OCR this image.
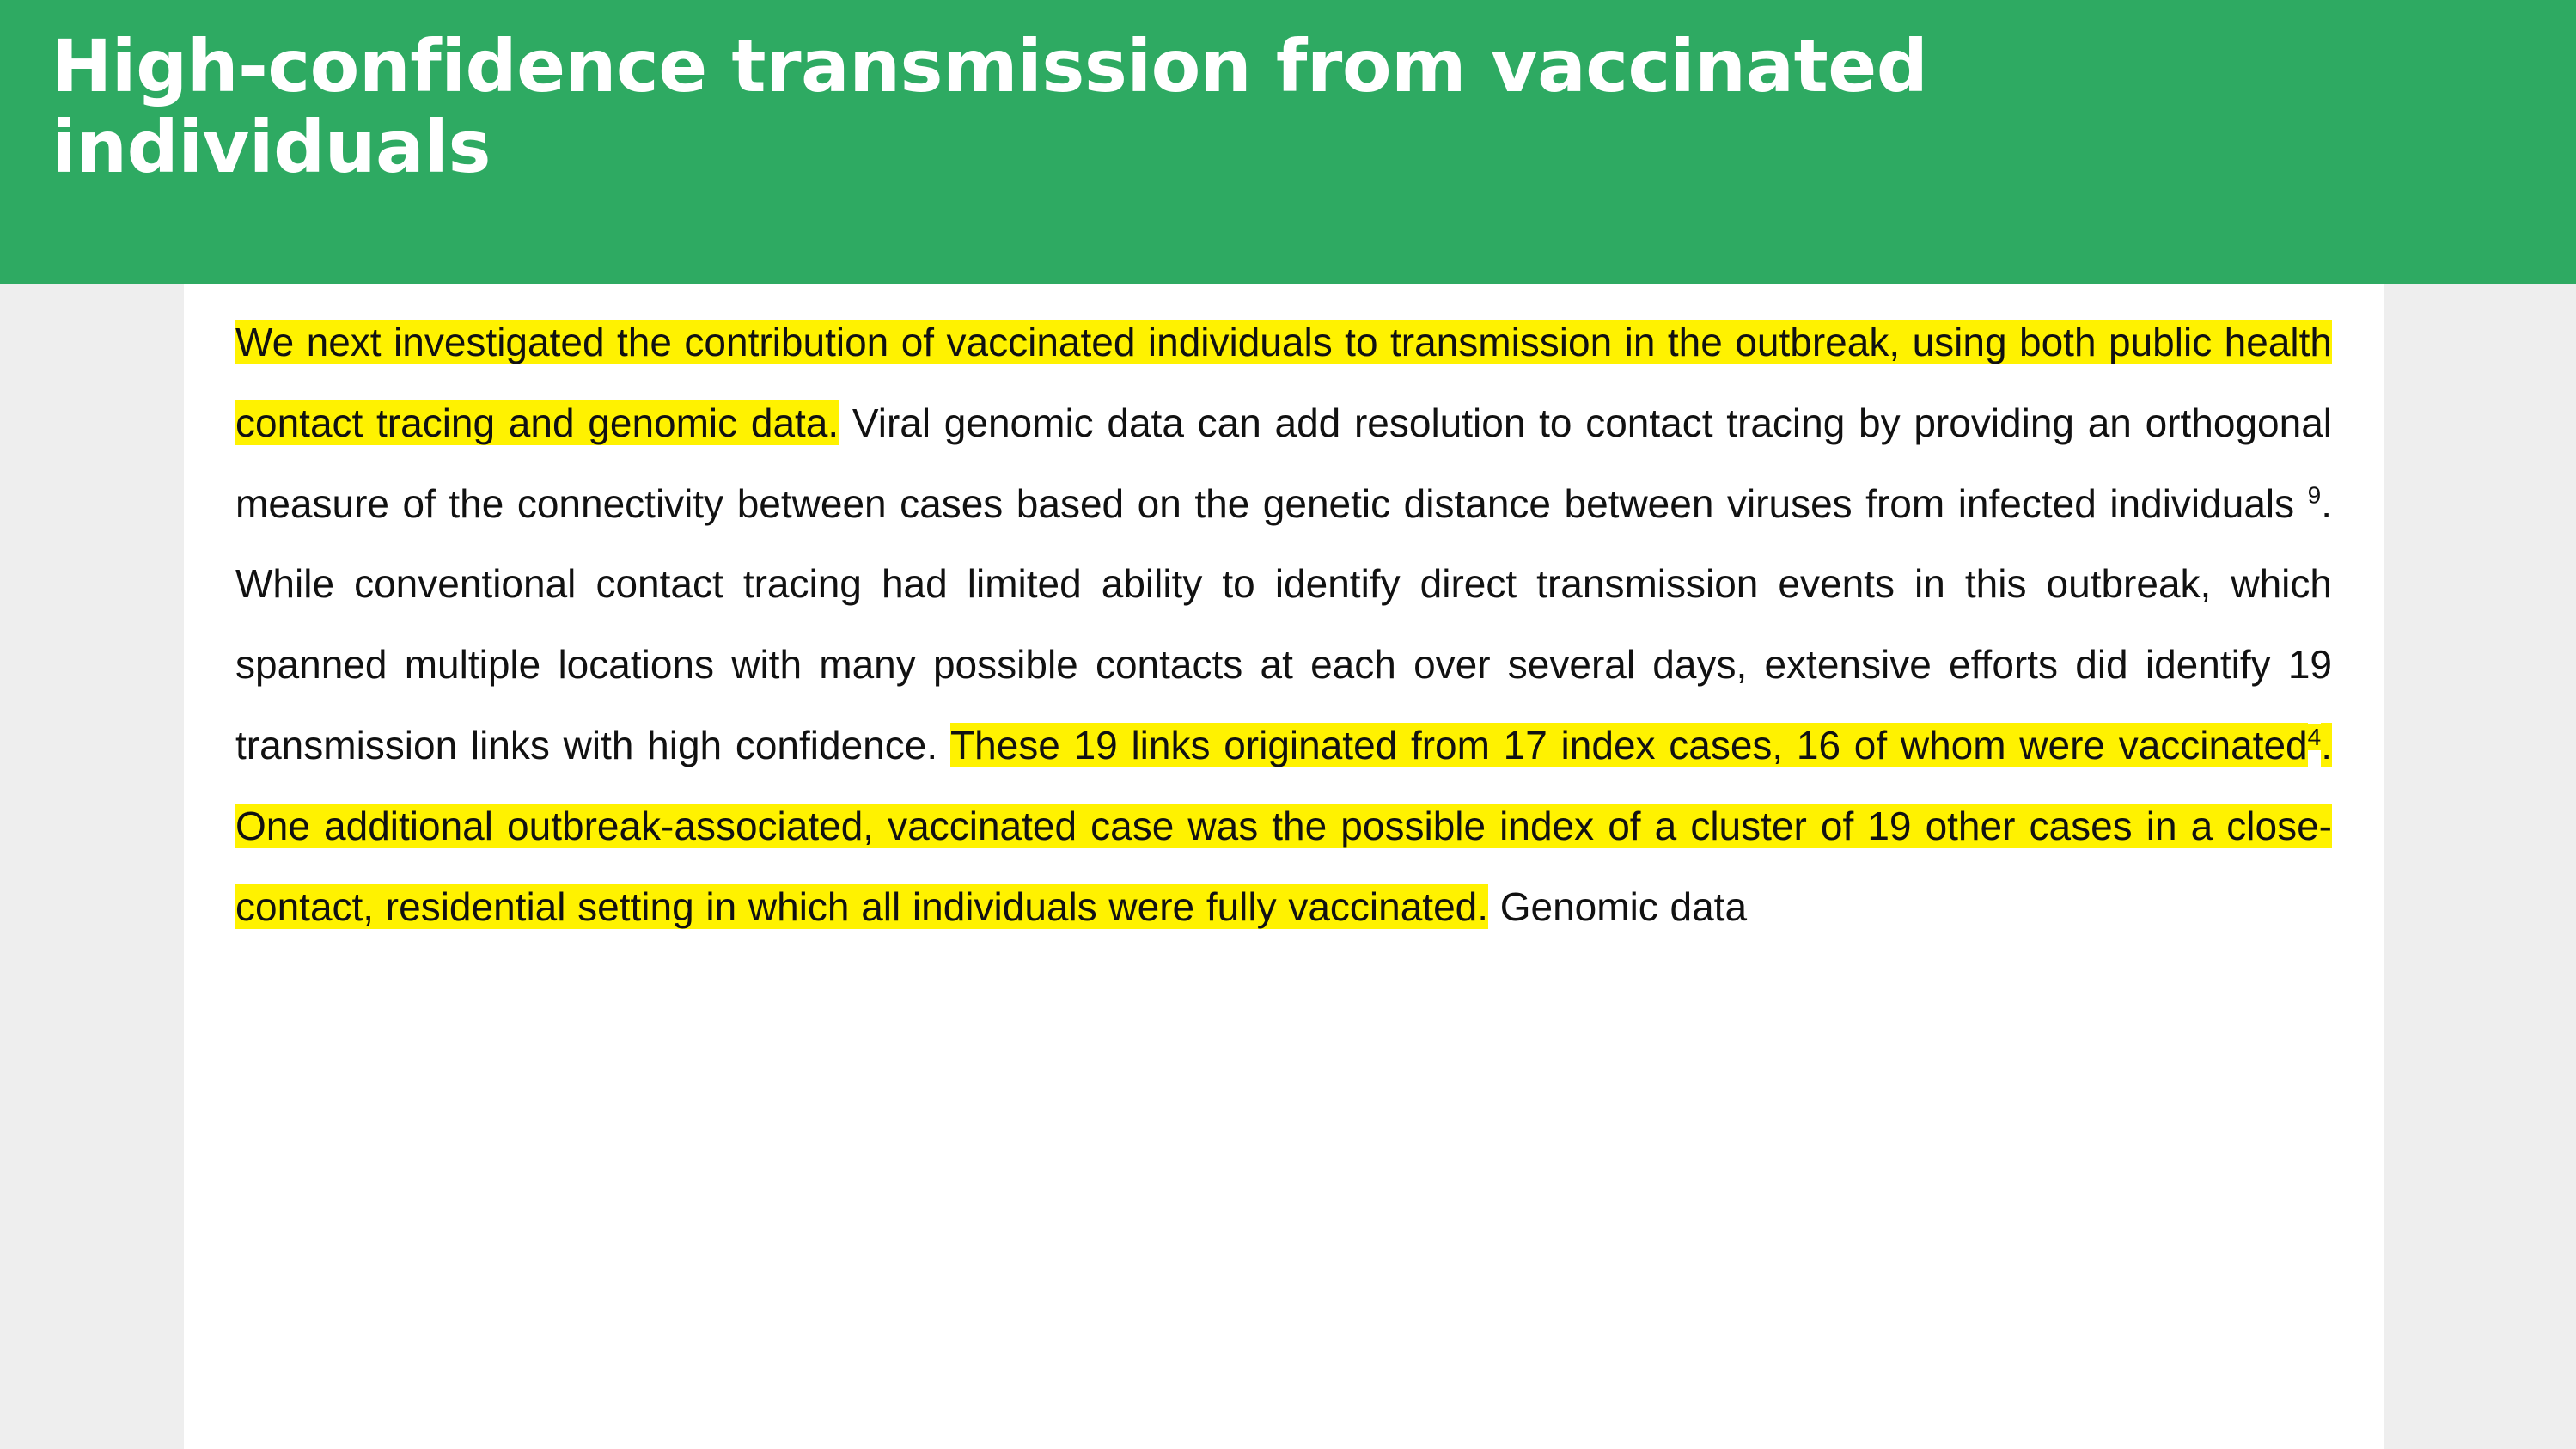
High-confidence transmission from vaccinated individuals

We next investigated the contribution of vaccinated individuals to transmission in the outbreak, using both public health contact tracing and genomic data. Viral genomic data can add resolution to contact tracing by providing an orthogonal measure of the connectivity between cases based on the genetic distance between viruses from infected individuals $^9$. While conventional contact tracing had limited ability to identify direct transmission events in this outbreak, which spanned multiple locations with many possible contacts at each over several days, extensive efforts did identify 19 transmission links with high confidence. These 19 links originated from 17 index cases, 16 of whom were vaccinated$^4$. One additional outbreak-associated, vaccinated case was the possible index of a cluster of 19 other cases in a close-contact, residential setting in which all individuals were fully vaccinated. Genomic data
